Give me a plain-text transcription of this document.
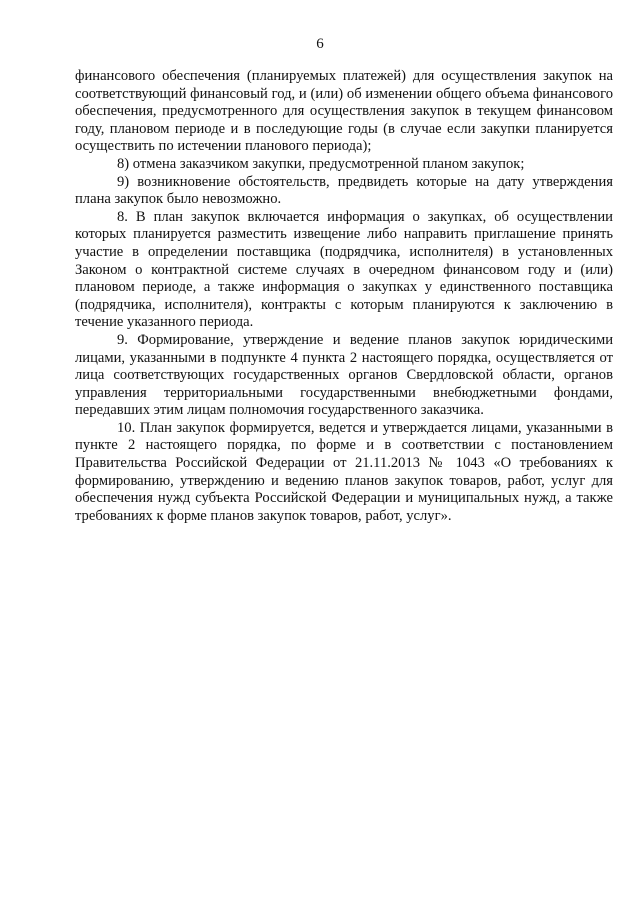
6

финансового обеспечения (планируемых платежей) для осуществления закупок на соответствующий финансовый год, и (или) об изменении общего объема финансового обеспечения, предусмотренного для осуществления закупок в текущем финансовом году, плановом периоде и в последующие годы (в случае если закупки планируется осуществить по истечении планового периода);

8) отмена заказчиком закупки, предусмотренной планом закупок;

9) возникновение обстоятельств, предвидеть которые на дату утверждения плана закупок было невозможно.

8. В план закупок включается информация о закупках, об осуществлении которых планируется разместить извещение либо направить приглашение принять участие в определении поставщика (подрядчика, исполнителя) в установленных Законом о контрактной системе случаях в очередном финансовом году и (или) плановом периоде, а также информация о закупках у единственного поставщика (подрядчика, исполнителя), контракты с которым планируются к заключению в течение указанного периода.

9. Формирование, утверждение и ведение планов закупок юридическими лицами, указанными в подпункте 4 пункта 2 настоящего порядка, осуществляется от лица соответствующих государственных органов Свердловской области, органов управления территориальными государственными внебюджетными фондами, передавших этим лицам полномочия государственного заказчика.

10. План закупок формируется, ведется и утверждается лицами, указанными в пункте 2 настоящего порядка, по форме и в соответствии с постановлением Правительства Российской Федерации от 21.11.2013 № 1043 «О требованиях к формированию, утверждению и ведению планов закупок товаров, работ, услуг для обеспечения нужд субъекта Российской Федерации и муниципальных нужд, а также требованиях к форме планов закупок товаров, работ, услуг».
